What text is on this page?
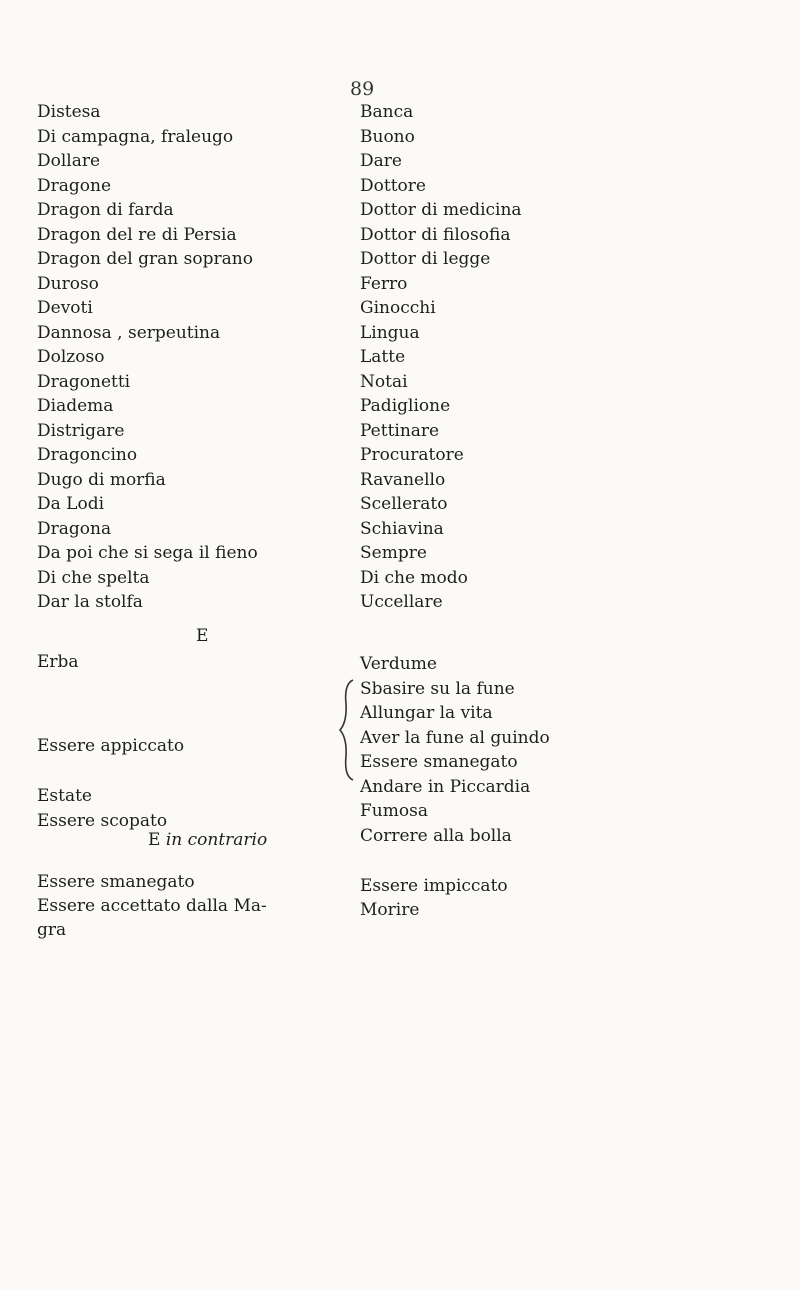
89
Distesa
Di campagna, fraleugo
Dollare
Dragone
Dragon di farda
Dragon del re di Persia
Dragon del gran soprano
Duroso
Devoti
Dannosa , serpeutina
Dolzoso
Dragonetti
Diadema
Distrigare
Dragoncino
Dugo di morfia
Da Lodi
Dragona
Da poi che si sega il fieno
Di che spelta
Dar la stolfa
Banca
Buono
Dare
Dottore
Dottor di medicina
Dottor di filosofia
Dottor di legge
Ferro
Ginocchi
Lingua
Latte
Notai
Padiglione
Pettinare
Procuratore
Ravanello
Scellerato
Schiavina
Sempre
Di che modo
Uccellare
E
Erba
Essere appiccato
Estate
Essere scopato
Verdume
Sbasire su la fune
Allungar la vita
Aver la fune al guindo
Essere smanegato
Andare in Piccardia
Fumosa
Correre alla bolla
E in contrario
Essere smanegato
Essere accettato dalla Ma-
gra
Essere impiccato
Morire
